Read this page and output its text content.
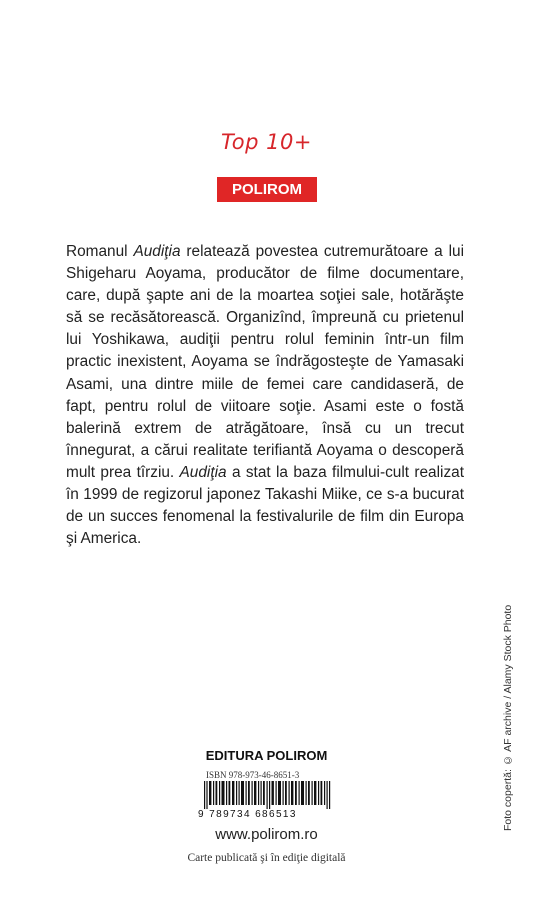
Top 10+
POLIROM

Romanul Audiţia relatează povestea cutremurătoare a lui Shigeharu Aoyama, producător de filme documentare, care, după şapte ani de la moartea soţiei sale, hotărăşte să se recăsătorească. Organizînd, împreună cu prietenul lui Yoshikawa, audiţii pentru rolul feminin într-un film practic inexistent, Aoyama se îndrăgosteşte de Yamasaki Asami, una dintre miile de femei care candidaseră, de fapt, pentru rolul de viitoare soţie. Asami este o fostă balerină extrem de atrăgătoare, însă cu un trecut înnegurat, a cărui realitate terifiantă Aoyama o descoperă mult prea tîrziu. Audiţia a stat la baza filmului-cult realizat în 1999 de regizorul japonez Takashi Miike, ce s-a bucurat de un succes fenomenal la festivalurile de film din Europa şi America.

Foto copertă: © AF archive / Alamy Stock Photo
EDITURA POLIROM
ISBN 978-973-46-8651-3
9 789734 686513
www.polirom.ro
Carte publicată şi în ediţie digitală
